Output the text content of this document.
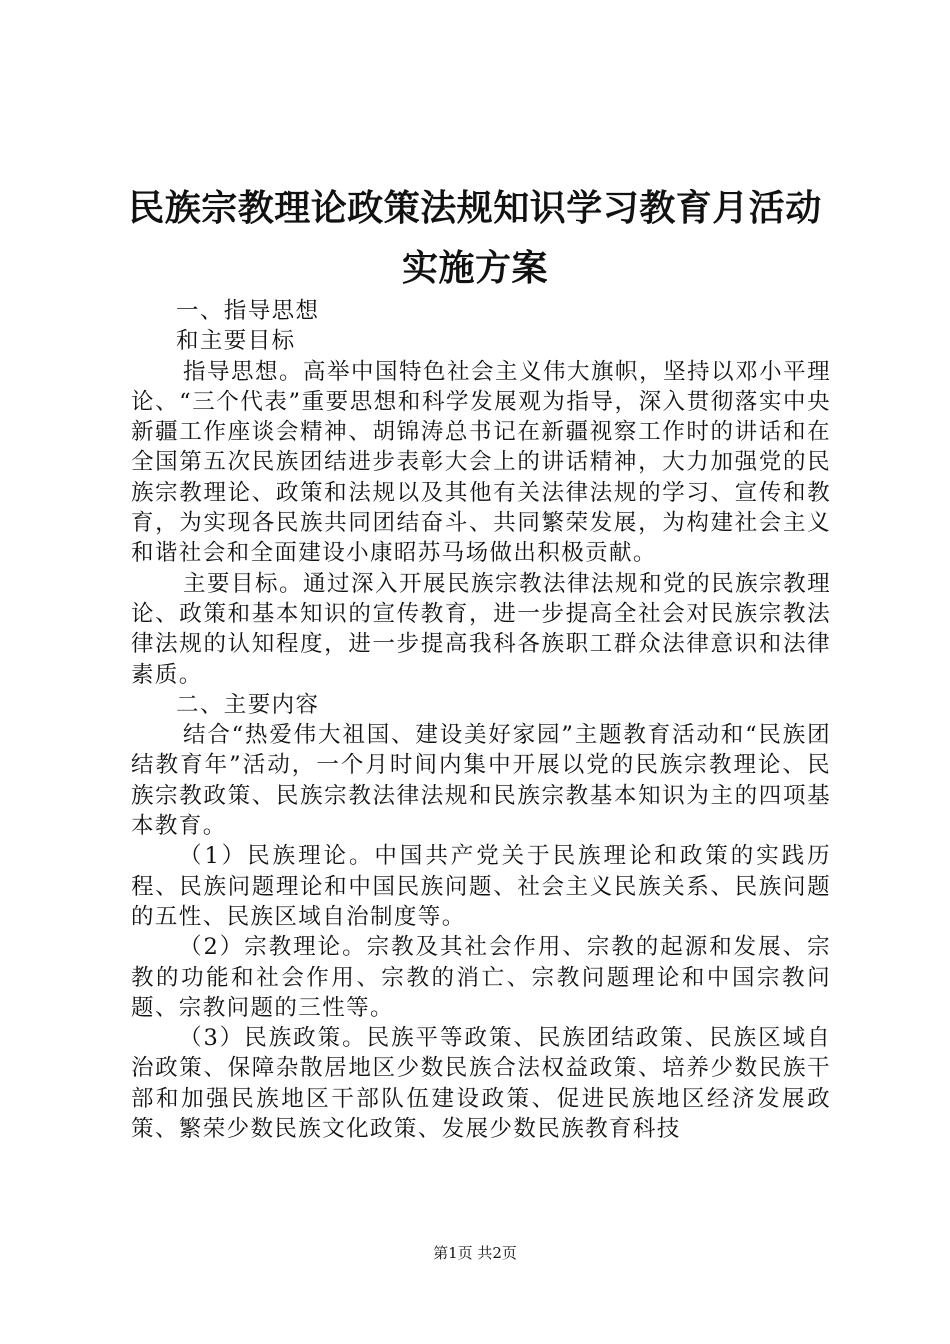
民族宗教理论政策法规知识学习教育月活动实施方案

一、指导思想

和主要目标

指导思想。高举中国特色社会主义伟大旗帜，坚持以邓小平理论、“三个代表”重要思想和科学发展观为指导，深入贯彻落实中央新疆工作座谈会精神、胡锦涛总书记在新疆视察工作时的讲话和在全国第五次民族团结进步表彰大会上的讲话精神，大力加强党的民族宗教理论、政策和法规以及其他有关法律法规的学习、宣传和教育，为实现各民族共同团结奋斗、共同繁荣发展，为构建社会主义和谐社会和全面建设小康昭苏马场做出积极贡献。

主要目标。通过深入开展民族宗教法律法规和党的民族宗教理论、政策和基本知识的宣传教育，进一步提高全社会对民族宗教法律法规的认知程度，进一步提高我科各族职工群众法律意识和法律素质。

二、主要内容

结合“热爱伟大祖国、建设美好家园”主题教育活动和“民族团结教育年”活动，一个月时间内集中开展以党的民族宗教理论、民族宗教政策、民族宗教法律法规和民族宗教基本知识为主的四项基本教育。

（1）民族理论。中国共产党关于民族理论和政策的实践历程、民族问题理论和中国民族问题、社会主义民族关系、民族问题的五性、民族区域自治制度等。

（2）宗教理论。宗教及其社会作用、宗教的起源和发展、宗教的功能和社会作用、宗教的消亡、宗教问题理论和中国宗教问题、宗教问题的三性等。

（3）民族政策。民族平等政策、民族团结政策、民族区域自治政策、保障杂散居地区少数民族合法权益政策、培养少数民族干部和加强民族地区干部队伍建设政策、促进民族地区经济发展政策、繁荣少数民族文化政策、发展少数民族教育科技

第1页 共2页
